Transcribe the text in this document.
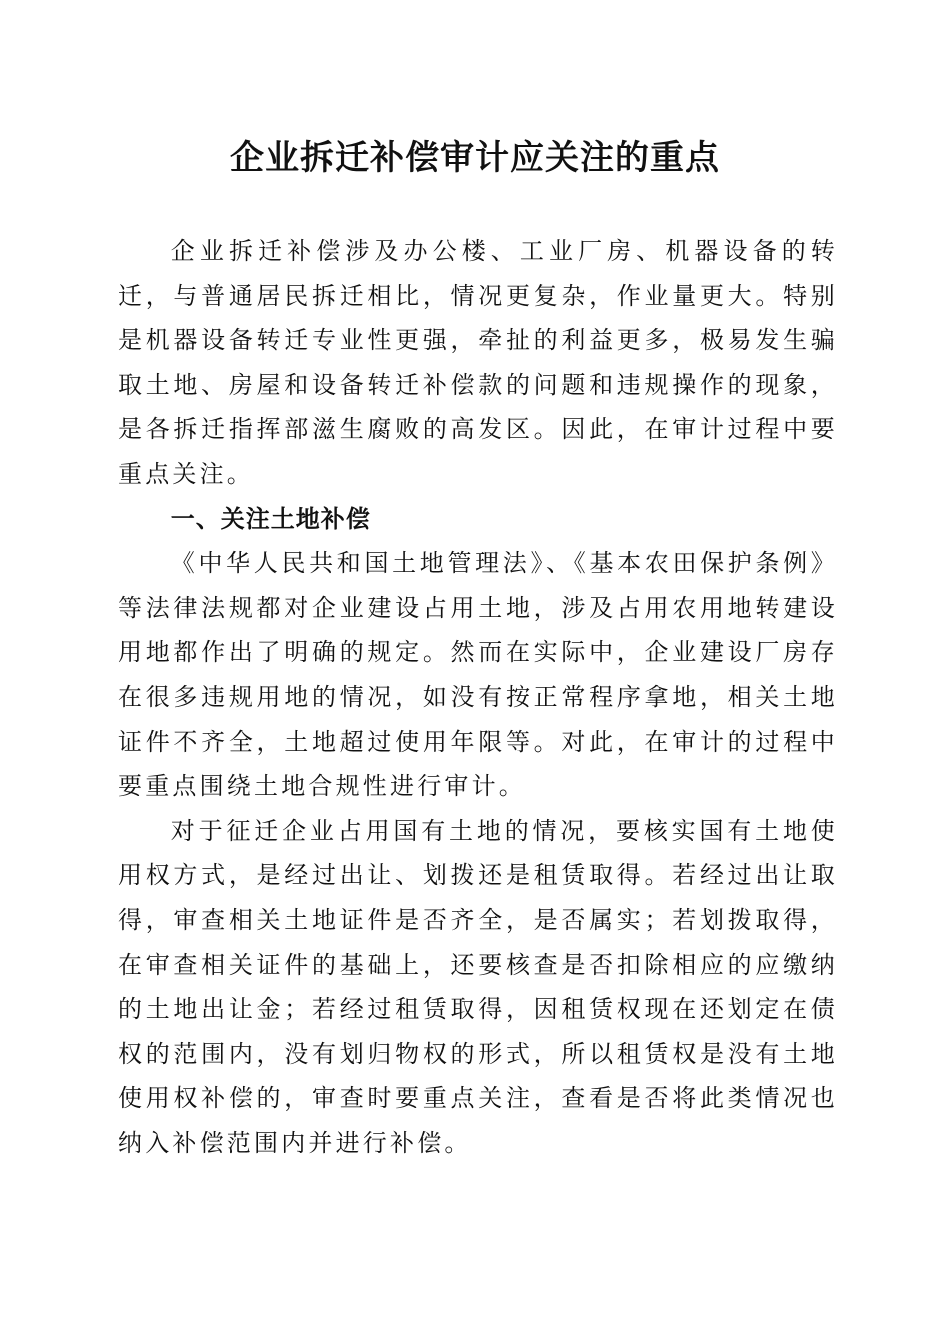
企业拆迁补偿审计应关注的重点

企业拆迁补偿涉及办公楼、工业厂房、机器设备的转迁，与普通居民拆迁相比，情况更复杂，作业量更大。特别是机器设备转迁专业性更强，牵扯的利益更多，极易发生骗取土地、房屋和设备转迁补偿款的问题和违规操作的现象，是各拆迁指挥部滋生腐败的高发区。因此，在审计过程中要重点关注。

一、关注土地补偿

《中华人民共和国土地管理法》、《基本农田保护条例》等法律法规都对企业建设占用土地，涉及占用农用地转建设用地都作出了明确的规定。然而在实际中，企业建设厂房存在很多违规用地的情况，如没有按正常程序拿地，相关土地证件不齐全，土地超过使用年限等。对此，在审计的过程中要重点围绕土地合规性进行审计。

对于征迁企业占用国有土地的情况，要核实国有土地使用权方式，是经过出让、划拨还是租赁取得。若经过出让取得，审查相关土地证件是否齐全，是否属实；若划拨取得，在审查相关证件的基础上，还要核查是否扣除相应的应缴纳的土地出让金；若经过租赁取得，因租赁权现在还划定在债权的范围内，没有划归物权的形式，所以租赁权是没有土地使用权补偿的，审查时要重点关注，查看是否将此类情况也纳入补偿范围内并进行补偿。
